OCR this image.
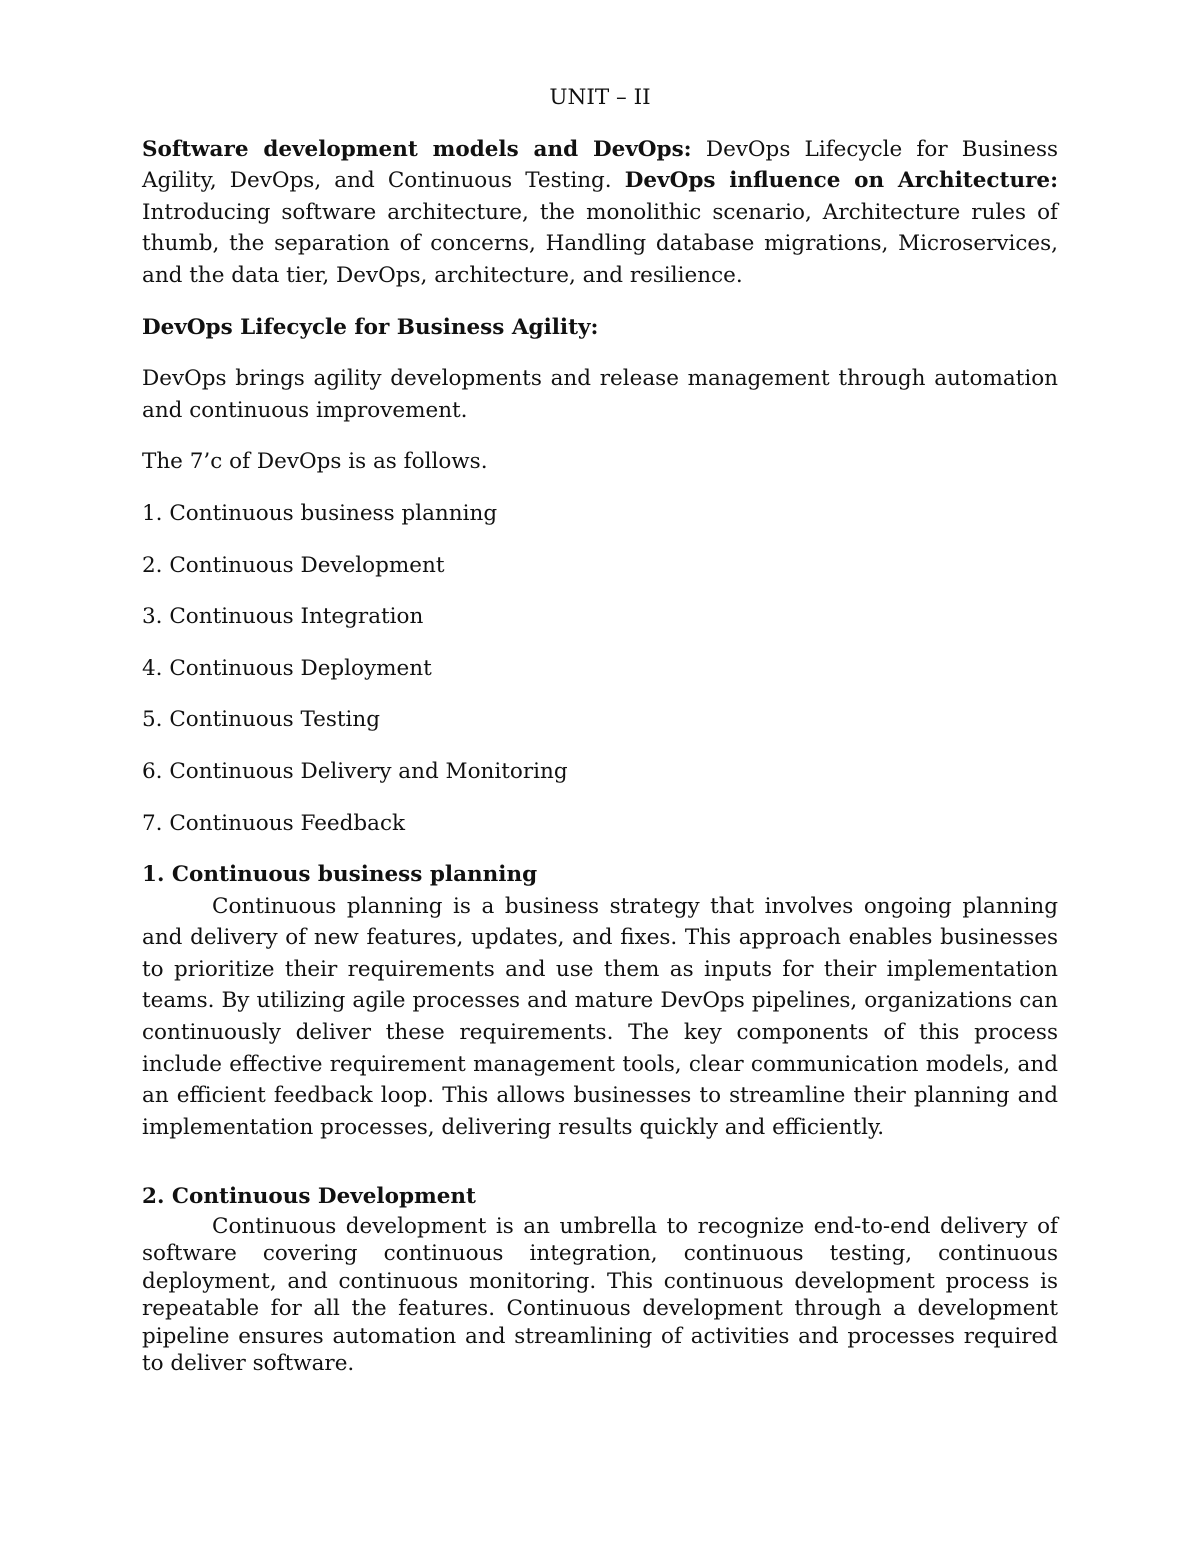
UNIT – II

Software development models and DevOps: DevOps Lifecycle for Business Agility, DevOps, and Continuous Testing. DevOps influence on Architecture: Introducing software architecture, the monolithic scenario, Architecture rules of thumb, the separation of concerns, Handling database migrations, Microservices, and the data tier, DevOps, architecture, and resilience.

DevOps Lifecycle for Business Agility:

DevOps brings agility developments and release management through automation and continuous improvement.

The 7’c of DevOps is as follows.

1. Continuous business planning

2. Continuous Development

3. Continuous Integration

4. Continuous Deployment

5. Continuous Testing

6. Continuous Delivery and Monitoring

7. Continuous Feedback

1. Continuous business planning

Continuous planning is a business strategy that involves ongoing planning and delivery of new features, updates, and fixes. This approach enables businesses to prioritize their requirements and use them as inputs for their implementation teams. By utilizing agile processes and mature DevOps pipelines, organizations can continuously deliver these requirements. The key components of this process include effective requirement management tools, clear communication models, and an efficient feedback loop. This allows businesses to streamline their planning and implementation processes, delivering results quickly and efficiently.

2. Continuous Development

Continuous development is an umbrella to recognize end-to-end delivery of software covering continuous integration, continuous testing, continuous deployment, and continuous monitoring. This continuous development process is repeatable for all the features. Continuous development through a development pipeline ensures automation and streamlining of activities and processes required to deliver software.
